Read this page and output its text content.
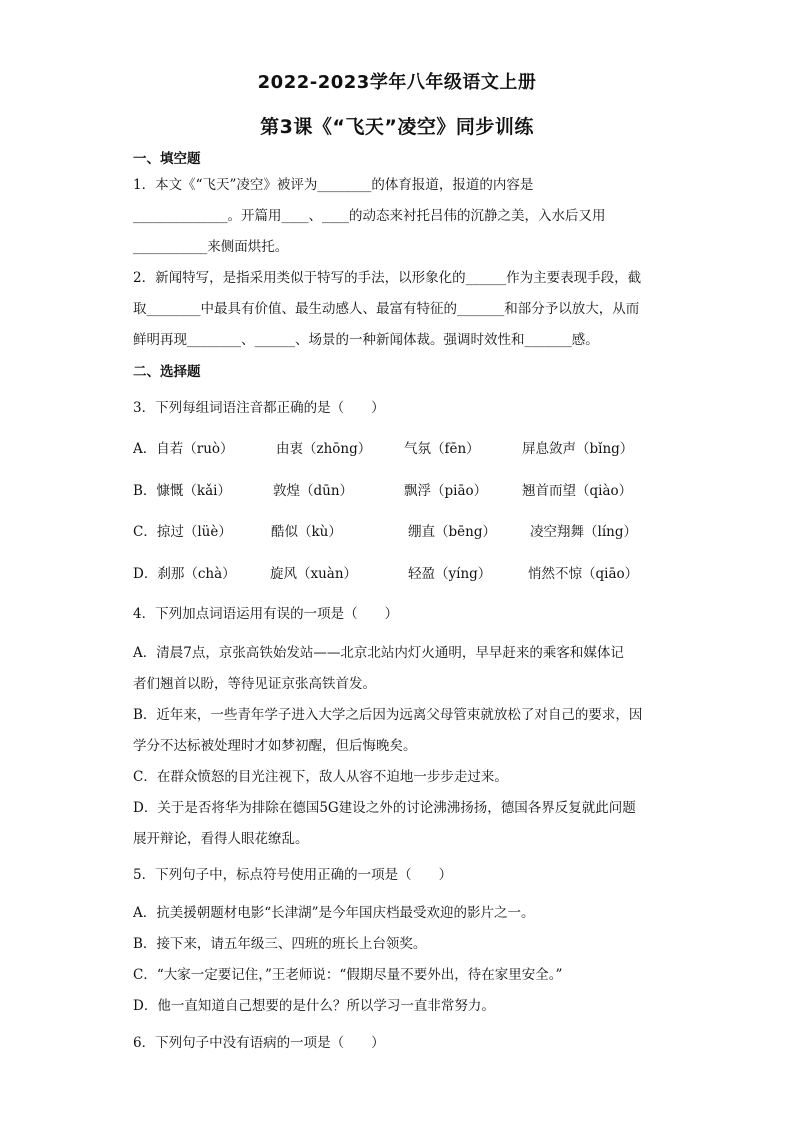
2022-2023学年八年级语文上册
第3课《“飞天”凌空》同步训练
一、填空题
1．本文《“飞天”凌空》被评为________的体育报道，报道的内容是
______________。开篇用____、____的动态来衬托吕伟的沉静之美，入水后又用
___________来侧面烘托。
2．新闻特写，是指采用类似于特写的手法，以形象化的______作为主要表现手段，截
取________中最具有价值、最生动感人、最富有特征的_______和部分予以放大，从而
鲜明再现________、______、场景的一种新闻体裁。强调时效性和_______感。
二、选择题
3．下列每组词语注音都正确的是（　　）
A．自若（ruò）	由衷（zhōng） 气氛（fēn）	屏息敛声（bǐng）
B．慷慨（kǎi）	敦煌（dūn）	飘浮（piāo）	翘首而望（qiào）
C．掠过（lüè）	酷似（kù）	绷直（bēng）	凌空翔舞（líng）
D．刹那（chà）	旋风（xuàn）	轻盈（yíng）	悄然不惊（qiāo）
4．下列加点词语运用有误的一项是（　　）
A．清晨7点，京张高铁始发站——北京北站内灯火通明，早早赶来的乘客和媒体记
者们翘首以盼，等待见证京张高铁首发。
B．近年来，一些青年学子进入大学之后因为远离父母管束就放松了对自己的要求，因
学分不达标被处理时才如梦初醒，但后悔晚矣。
C．在群众愤怒的目光注视下，敌人从容不迫地一步步走过来。
D．关于是否将华为排除在德国5G建设之外的讨论沸沸扬扬，德国各界反复就此问题
展开辩论，看得人眼花缭乱。
5．下列句子中，标点符号使用正确的一项是（　　）
A．抗美援朝题材电影“长津湖”是今年国庆档最受欢迎的影片之一。
B．接下来，请五年级三、四班的班长上台领奖。
C．“大家一定要记住，”王老师说：“假期尽量不要外出，待在家里安全。”
D．他一直知道自己想要的是什么？所以学习一直非常努力。
6．下列句子中没有语病的一项是（　　）
